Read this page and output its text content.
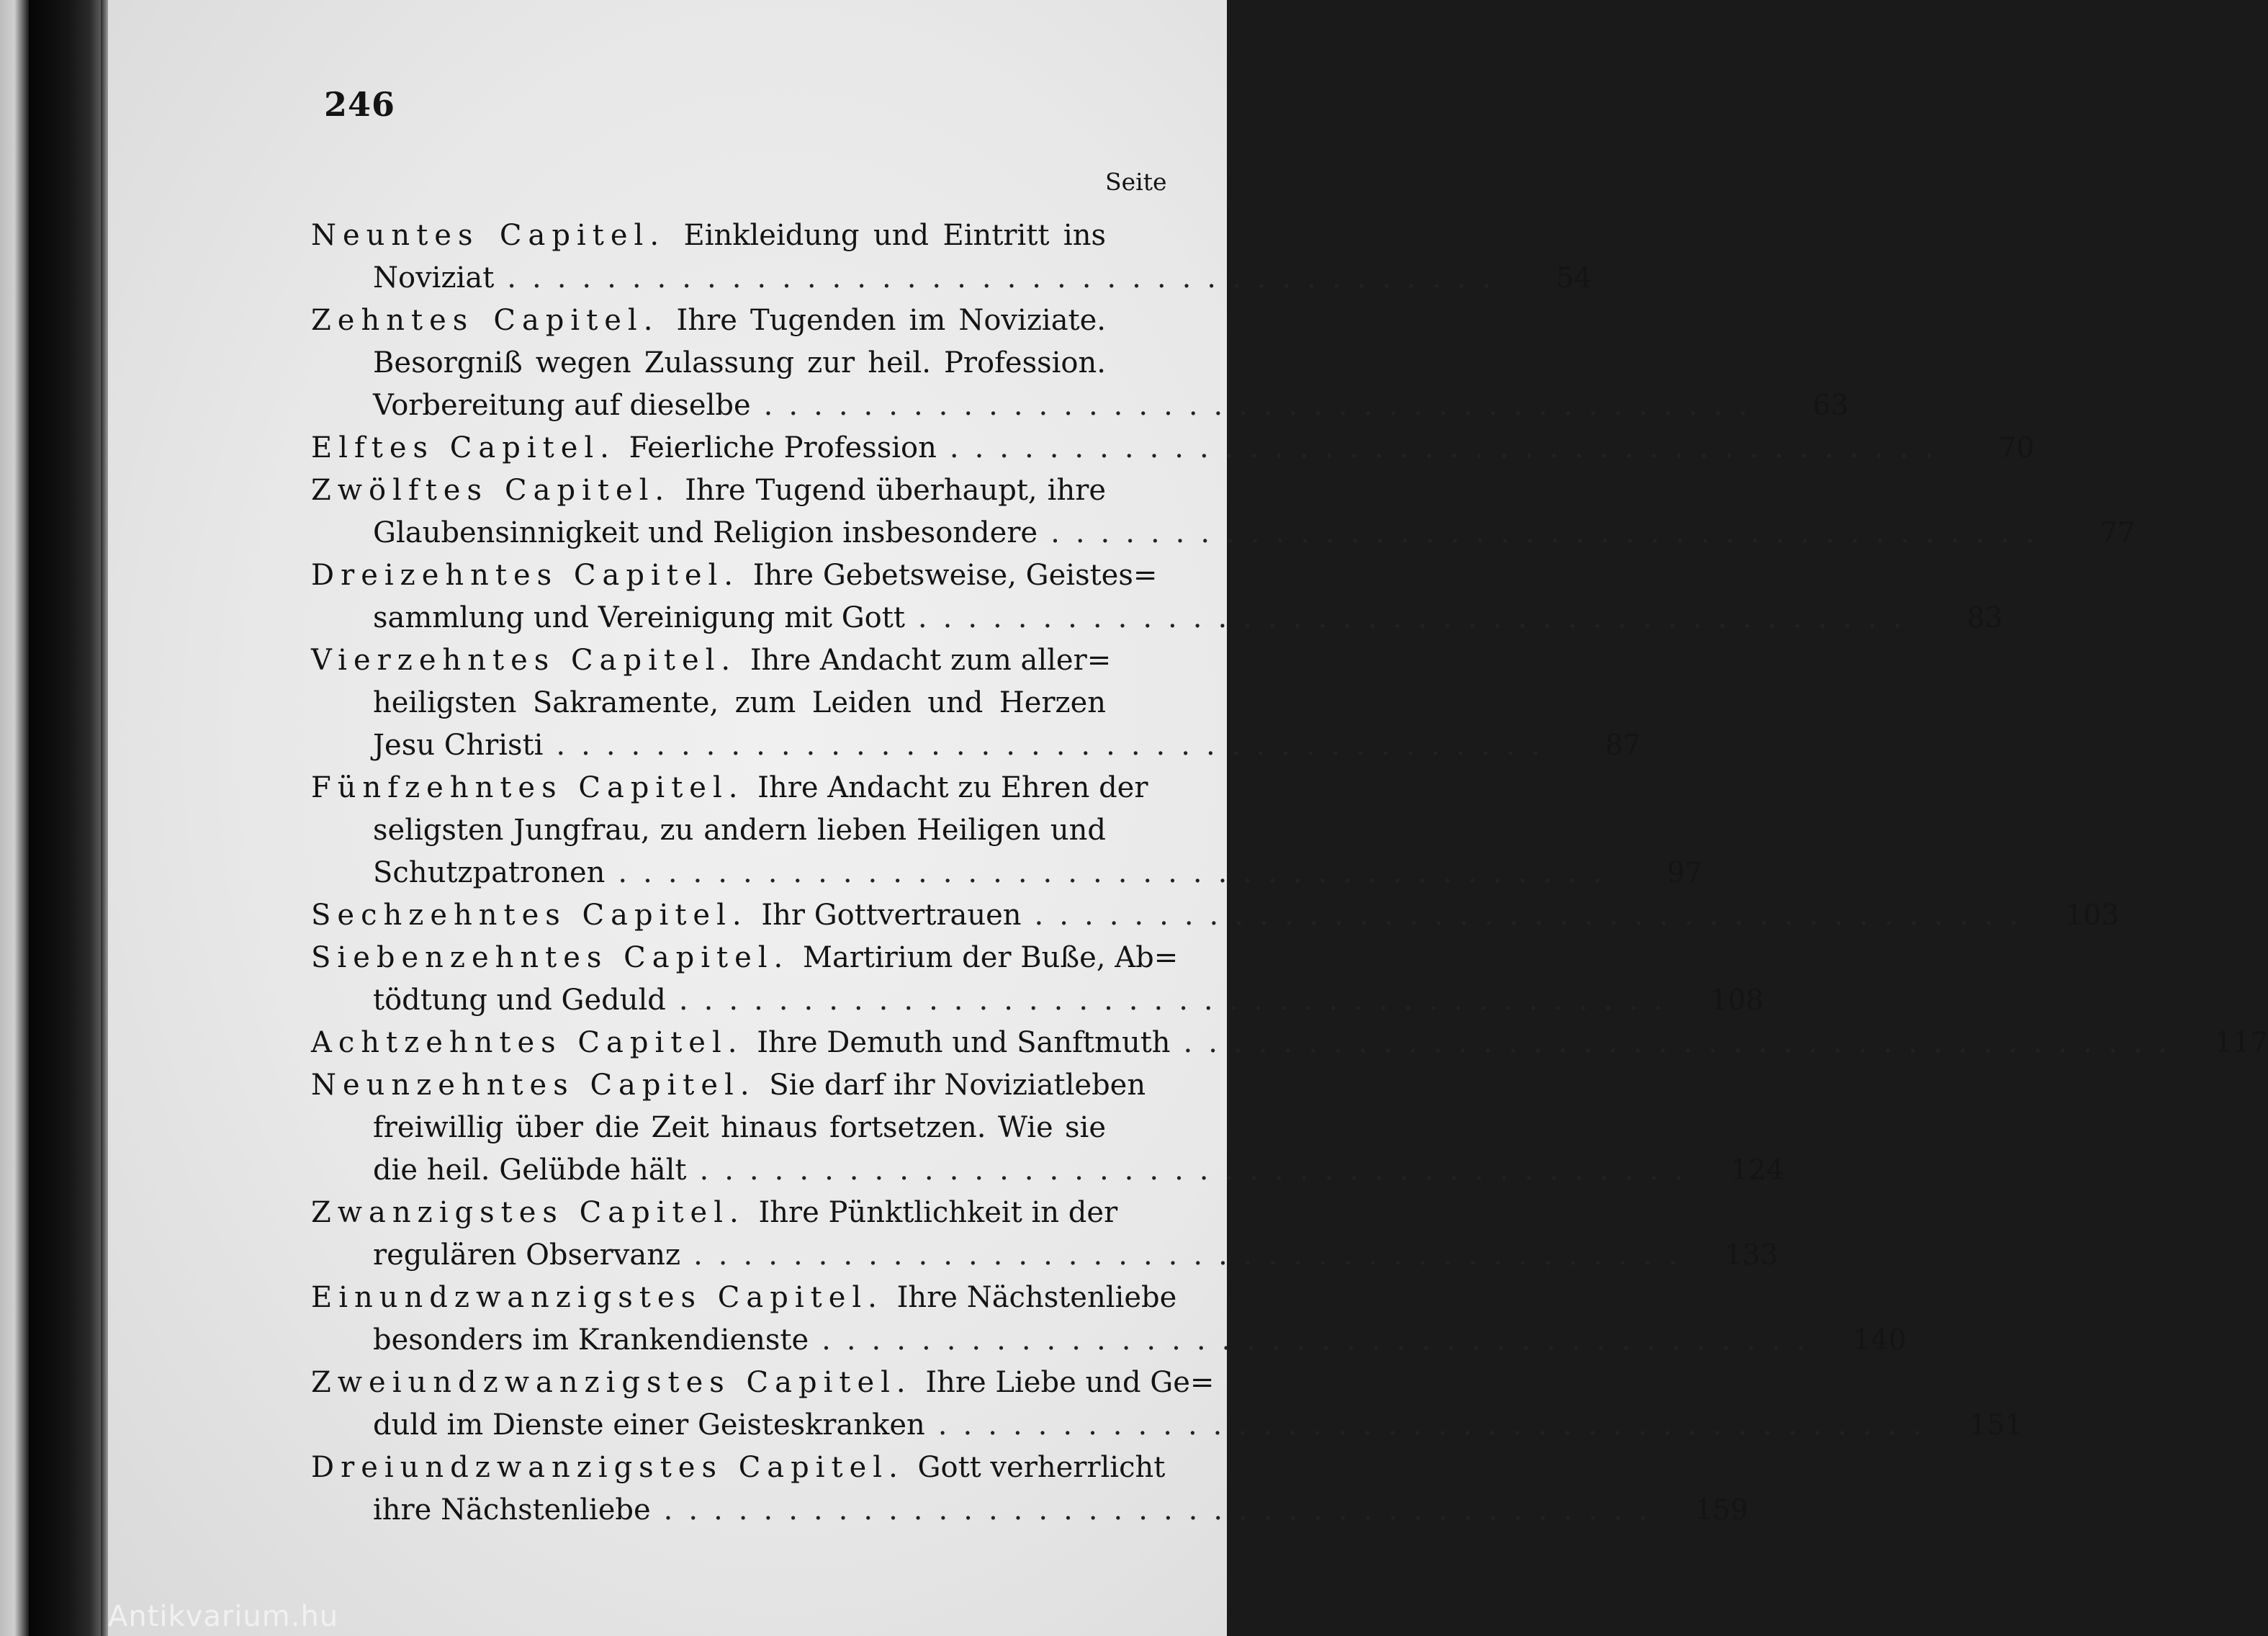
246
Seite
Neuntes Capitel. Einkleidung und Eintritt ins
Noviziat ........................................	54
Zehntes Capitel. Ihre Tugenden im Noviziate.
Besorgniß wegen Zulassung zur heil. Profession.
Vorbereitung auf dieselbe ........................................	63
Elftes Capitel. Feierliche Profession ........................................	70
Zwölftes Capitel. Ihre Tugend überhaupt, ihre
Glaubensinnigkeit und Religion insbesondere ........................................	77
Dreizehntes Capitel. Ihre Gebetsweise, Geistes=
sammlung und Vereinigung mit Gott ........................................	83
Vierzehntes Capitel. Ihre Andacht zum aller=
heiligsten Sakramente, zum Leiden und Herzen
Jesu Christi ........................................	87
Fünfzehntes Capitel. Ihre Andacht zu Ehren der
seligsten Jungfrau, zu andern lieben Heiligen und
Schutzpatronen ........................................	97
Sechzehntes Capitel. Ihr Gottvertrauen ........................................ 103
Siebenzehntes Capitel. Martirium der Buße, Ab=
tödtung und Geduld ........................................ 108
Achtzehntes Capitel. Ihre Demuth und Sanftmuth ........................................ 117
Neunzehntes Capitel. Sie darf ihr Noviziatleben
freiwillig über die Zeit hinaus fortsetzen. Wie sie
die heil. Gelübde hält ........................................ 124
Zwanzigstes Capitel. Ihre Pünktlichkeit in der
regulären Observanz ........................................ 133
Einundzwanzigstes Capitel. Ihre Nächstenliebe
besonders im Krankendienste ........................................ 140
Zweiundzwanzigstes Capitel. Ihre Liebe und Ge=
duld im Dienste einer Geisteskranken ........................................ 151
Dreiundzwanzigstes Capitel. Gott verherrlicht
ihre Nächstenliebe ........................................ 159
Antikvarium.hu
